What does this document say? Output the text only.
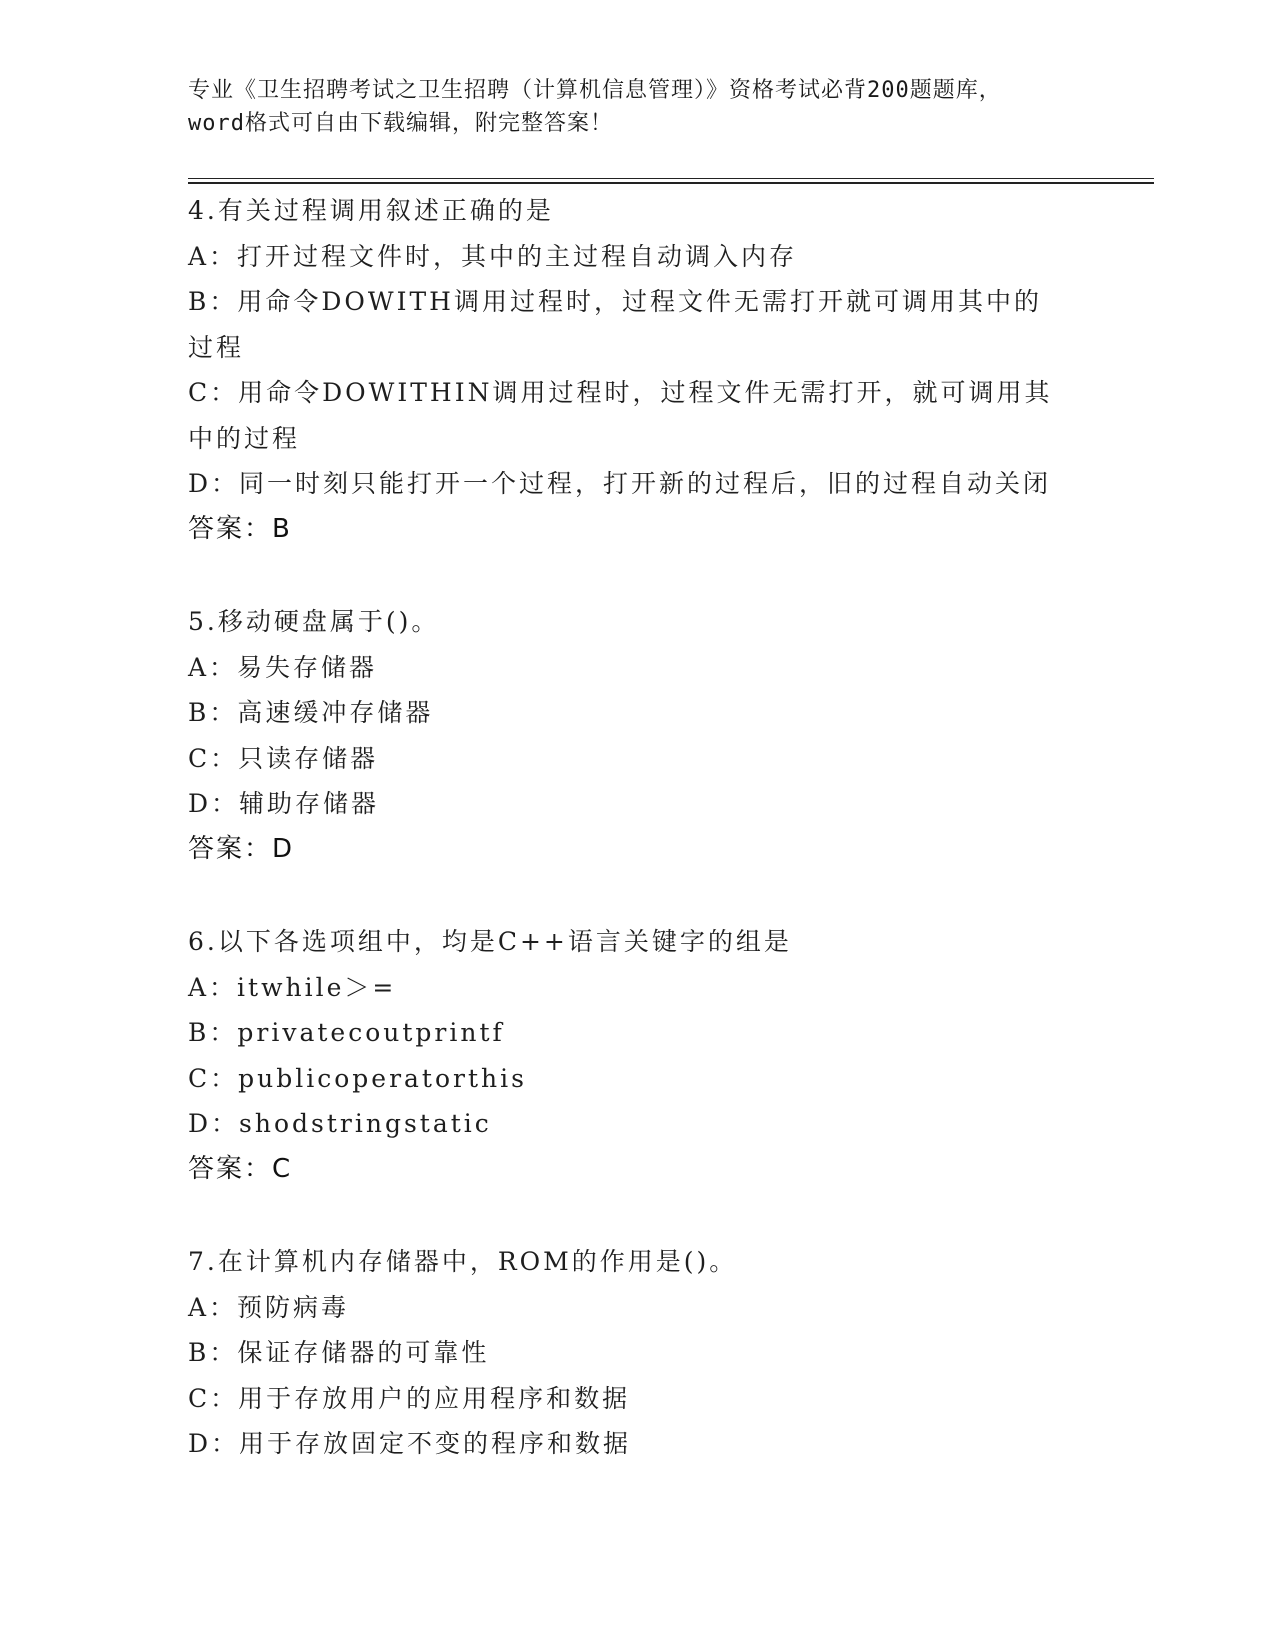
专业《卫生招聘考试之卫生招聘（计算机信息管理）》资格考试必背200题题库，
word格式可自由下载编辑，附完整答案！
4.有关过程调用叙述正确的是
A：打开过程文件时，其中的主过程自动调入内存
B：用命令DOWITH调用过程时，过程文件无需打开就可调用其中的过程
C：用命令DOWITHIN调用过程时，过程文件无需打开，就可调用其中的过程
D：同一时刻只能打开一个过程，打开新的过程后，旧的过程自动关闭
答案：B
5.移动硬盘属于()。
A：易失存储器
B：高速缓冲存储器
C：只读存储器
D：辅助存储器
答案：D
6.以下各选项组中，均是C++语言关键字的组是
A：itwhile＞=
B：privatecoutprintf
C：publicoperatorthis
D：shodstringstatic
答案：C
7.在计算机内存储器中，ROM的作用是()。
A：预防病毒
B：保证存储器的可靠性
C：用于存放用户的应用程序和数据
D：用于存放固定不变的程序和数据
